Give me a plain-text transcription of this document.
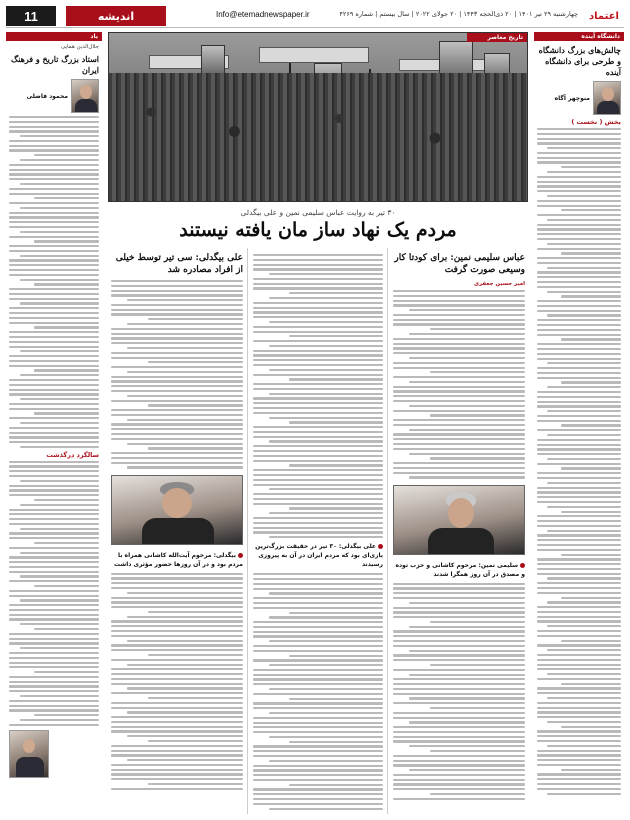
اعتماد
چهارشنبه ۲۹ تیر ۱۴۰۱ | ۲۰ ذی‌الحجه ۱۴۴۳ | ۲۰ جولای ۲۰۲۲ | سال بیستم | شماره ۴۲۶۹
Info@etemadnewspaper.ir
اندیشه
11
دانشگاه آینده
چالش‌های بزرگ دانشگاه و طرحی برای دانشگاه آینده
منوچهر آگاه
بخش ( نخست )
تاریخ معاصر
۳۰ تیر به روایت عباس سلیمی نمین و علی بیگدلی
مردم یک نهاد ساز مان یافته نیستند
عباس سلیمی نمین: برای کودتا کار وسیعی صورت گرفت
امیر حسین جعفری
سلیمی نمین: مرحوم کاشانی و حزب توده و مصدق در آن روز همگرا شدند
علی بیگدلی: ۳۰ تیر در حقیقت بزرگ‌ترین بازی‌ای بود که مردم ایران در آن به پیروزی رسیدند
علی بیگدلی: سی تیر توسط خیلی از افراد مصادره شد
بیگدلی: مرحوم آیت‌الله کاشانی همراه با مردم بود و در آن روزها حضور مؤثری داشت
یاد
جلال‌الدین همایی
استاد بزرگ تاریخ و فرهنگ ایران
محمود فاضلی
سالگرد درگذشت
